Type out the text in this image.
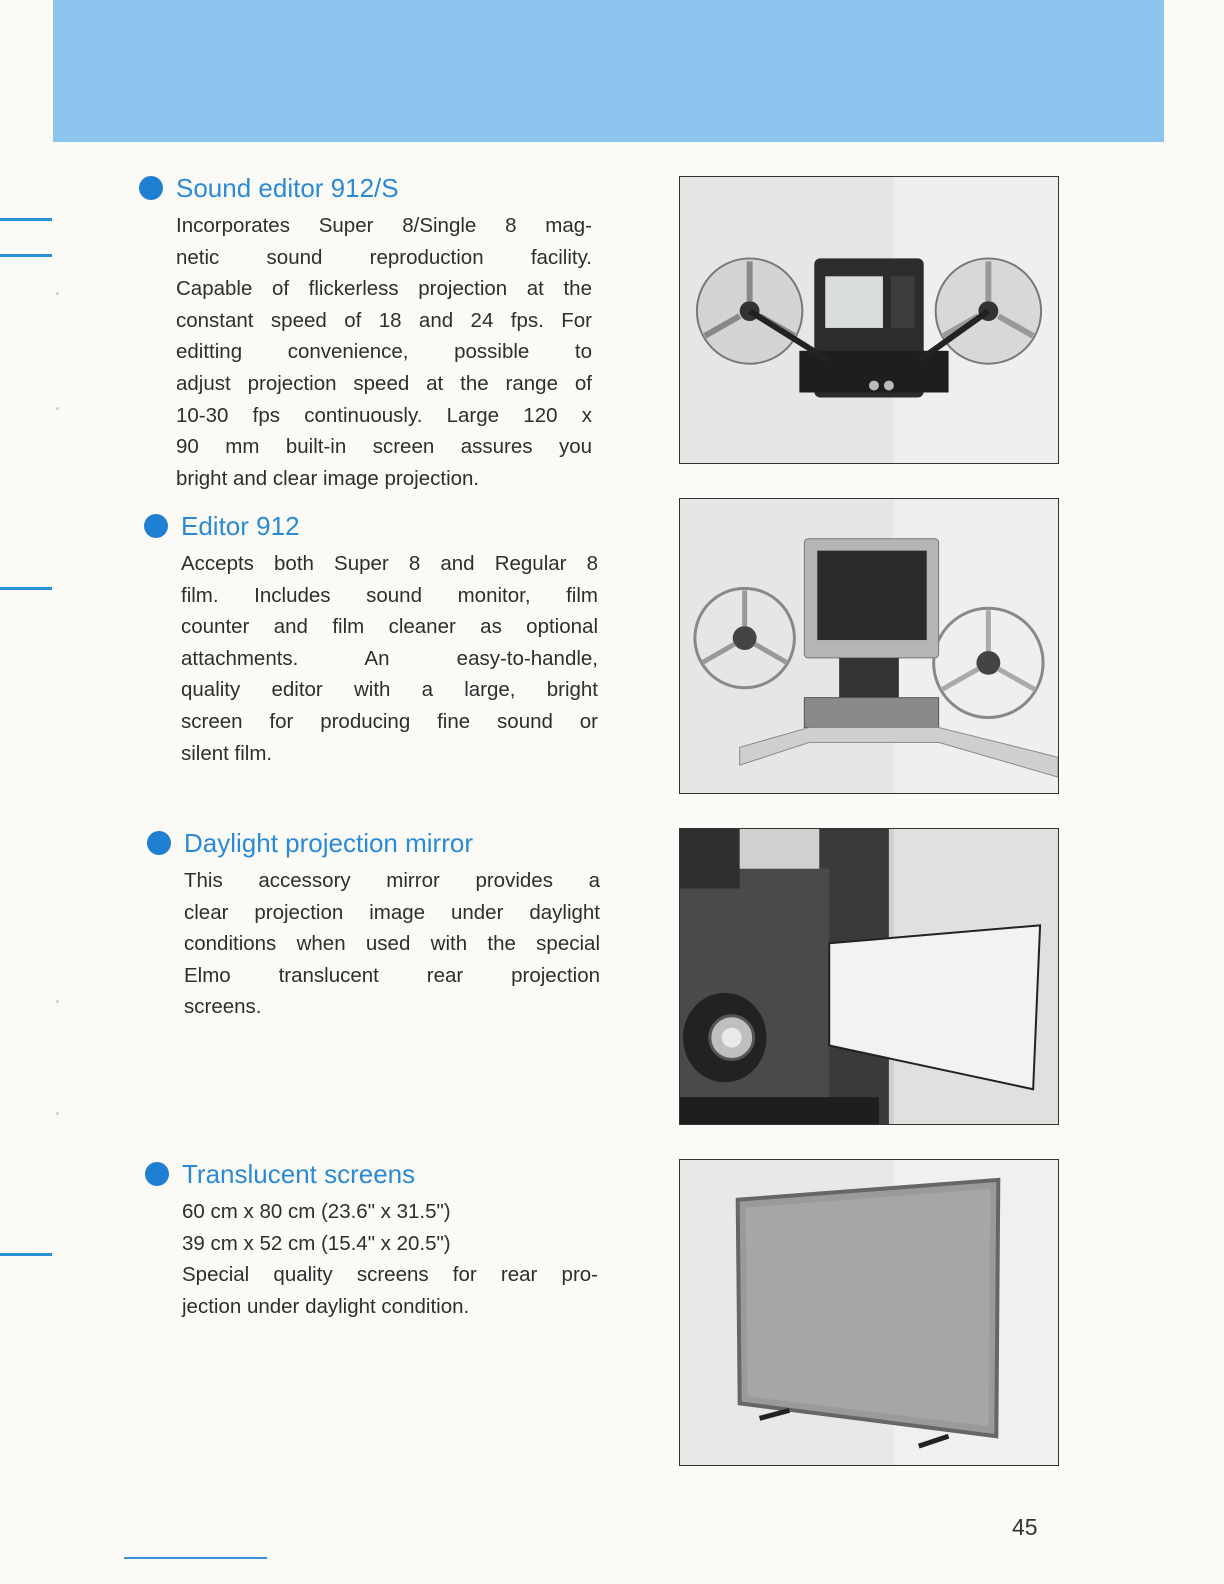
Sound editor 912/S
Incorporates Super 8/Single 8 mag-
netic sound reproduction facility.
Capable of flickerless projection at the
constant speed of 18 and 24 fps. For
editting convenience, possible to
adjust projection speed at the range of
10-30 fps continuously. Large 120 x
90 mm built-in screen assures you
bright and clear image projection.
Editor 912
Accepts both Super 8 and Regular 8
film. Includes sound monitor, film
counter and film cleaner as optional
attachments. An easy-to-handle,
quality editor with a large, bright
screen for producing fine sound or
silent film.
Daylight projection mirror
This accessory mirror provides a
clear projection image under daylight
conditions when used with the special
Elmo translucent rear projection
screens.
Translucent screens
60 cm x 80 cm (23.6" x 31.5")
39 cm x 52 cm (15.4" x 20.5")
Special quality screens for rear pro-
jection under daylight condition.
45
